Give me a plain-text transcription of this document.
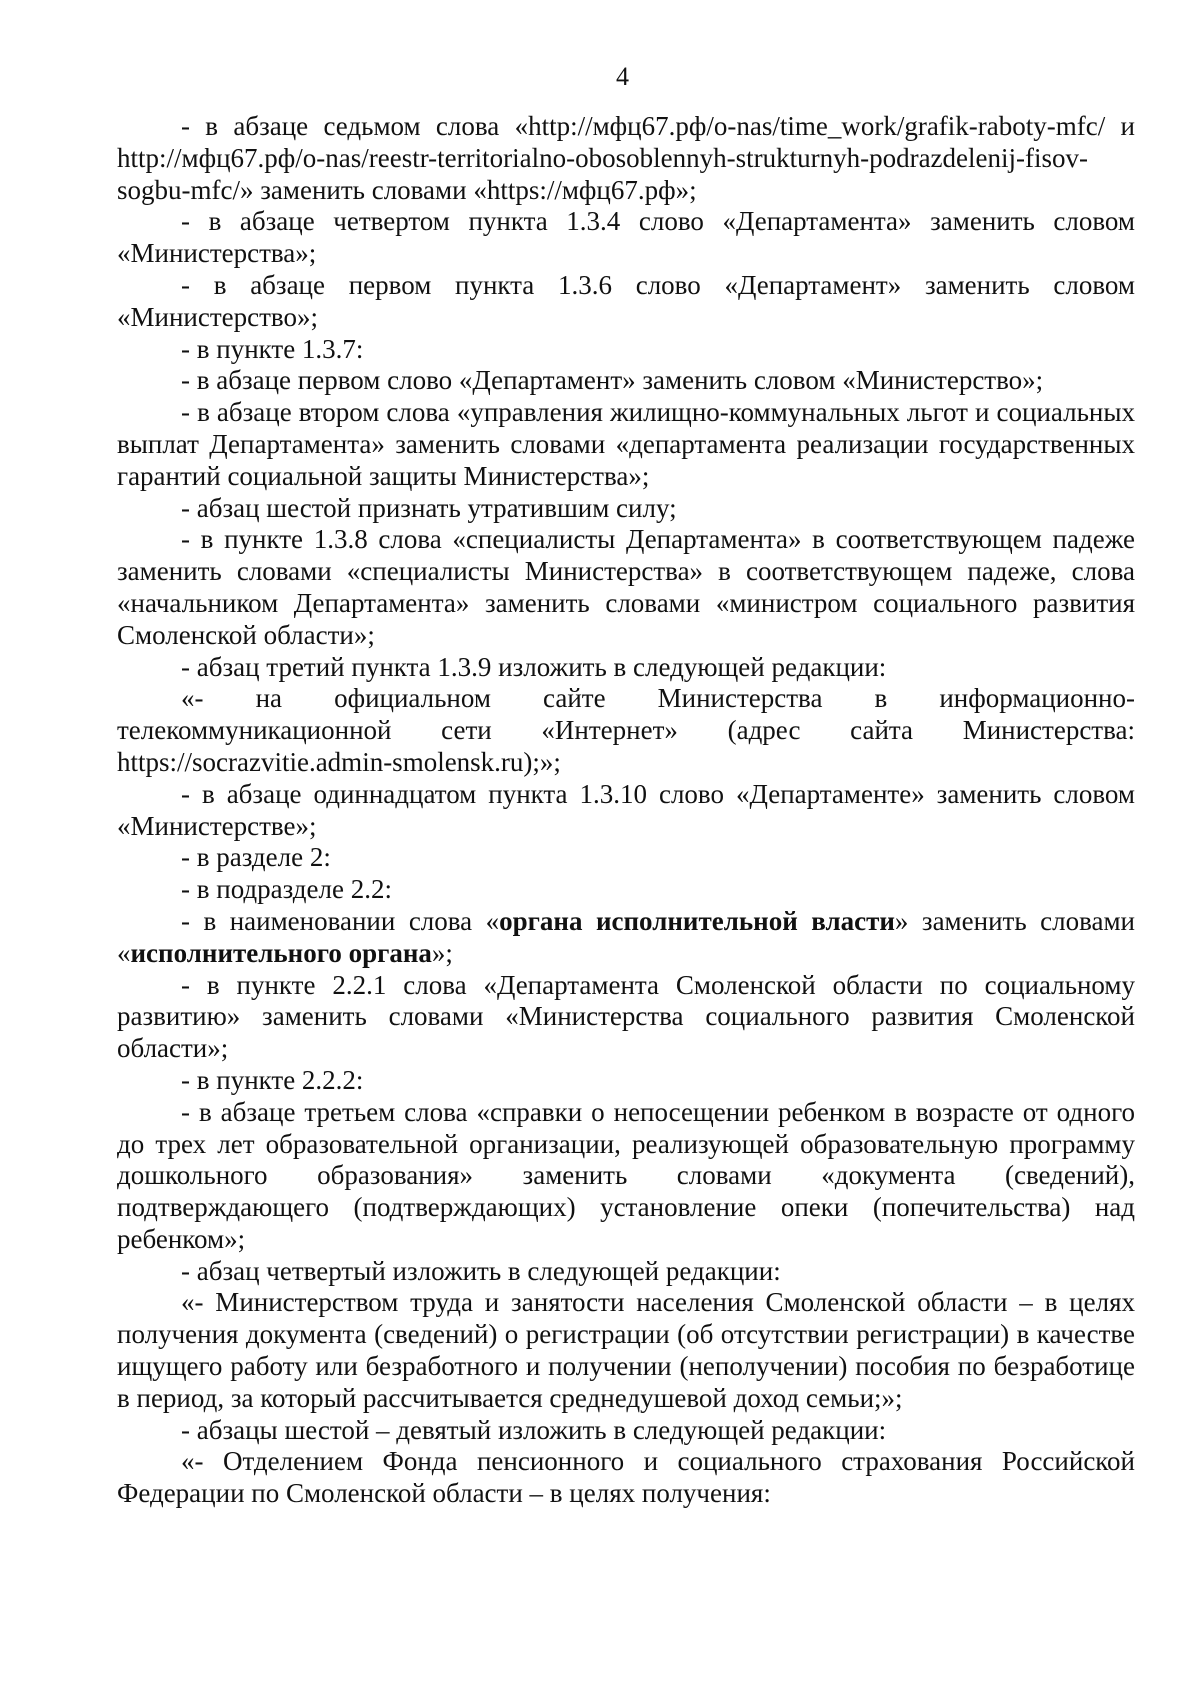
4

- в абзаце седьмом слова «http://мфц67.рф/o-nas/time_work/grafik-raboty-mfc/ и http://мфц67.рф/o-nas/reestr-territorialno-obosoblennyh-strukturnyh-podrazdelenij-fisov-sogbu-mfc/» заменить словами «https://мфц67.рф»;

- в абзаце четвертом пункта 1.3.4 слово «Департамента» заменить словом «Министерства»;

- в абзаце первом пункта 1.3.6 слово «Департамент» заменить словом «Министерство»;

- в пункте 1.3.7:

- в абзаце первом слово «Департамент» заменить словом «Министерство»;

- в абзаце втором слова «управления жилищно-коммунальных льгот и социальных выплат Департамента» заменить словами «департамента реализации государственных гарантий социальной защиты Министерства»;

- абзац шестой признать утратившим силу;

- в пункте 1.3.8 слова «специалисты Департамента» в соответствующем падеже заменить словами «специалисты Министерства» в соответствующем падеже, слова «начальником Департамента» заменить словами «министром социального развития Смоленской области»;

- абзац третий пункта 1.3.9 изложить в следующей редакции:

«- на официальном сайте Министерства в информационно-телекоммуникационной сети «Интернет» (адрес сайта Министерства: https://socrazvitie.admin-smolensk.ru);»;

- в абзаце одиннадцатом пункта 1.3.10 слово «Департаменте» заменить словом «Министерстве»;

- в разделе 2:

- в подразделе 2.2:

- в наименовании слова «органа исполнительной власти» заменить словами «исполнительного органа»;

- в пункте 2.2.1 слова «Департамента Смоленской области по социальному развитию» заменить словами «Министерства социального развития Смоленской области»;

- в пункте 2.2.2:

- в абзаце третьем слова «справки о непосещении ребенком в возрасте от одного до трех лет образовательной организации, реализующей образовательную программу дошкольного образования» заменить словами «документа (сведений), подтверждающего (подтверждающих) установление опеки (попечительства) над ребенком»;

- абзац четвертый изложить в следующей редакции:

«- Министерством труда и занятости населения Смоленской области – в целях получения документа (сведений) о регистрации (об отсутствии регистрации) в качестве ищущего работу или безработного и получении (неполучении) пособия по безработице в период, за который рассчитывается среднедушевой доход семьи;»;

- абзацы шестой – девятый изложить в следующей редакции:

«- Отделением Фонда пенсионного и социального страхования Российской Федерации по Смоленской области – в целях получения:
